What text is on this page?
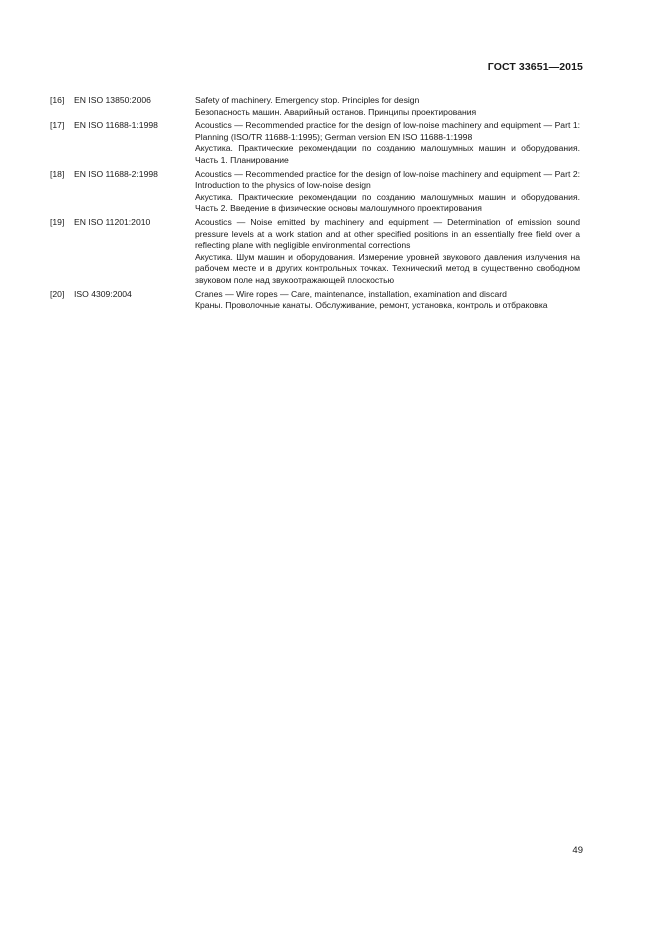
ГОСТ 33651—2015
[16]	EN ISO 13850:2006	Safety of machinery. Emergency stop. Principles for design
Безопасность машин. Аварийный останов. Принципы проектирования
[17]	EN ISO 11688-1:1998	Acoustics — Recommended practice for the design of low-noise machinery and equipment — Part 1: Planning (ISO/TR 11688-1:1995); German version EN ISO 11688-1:1998
Акустика. Практические рекомендации по созданию малошумных машин и оборудования. Часть 1. Планирование
[18]	EN ISO 11688-2:1998	Acoustics — Recommended practice for the design of low-noise machinery and equipment — Part 2: Introduction to the physics of low-noise design
Акустика. Практические рекомендации по созданию малошумных машин и оборудования. Часть 2. Введение в физические основы малошумного проектирования
[19]	EN ISO 11201:2010	Acoustics — Noise emitted by machinery and equipment — Determination of emission sound pressure levels at a work station and at other specified positions in an essentially free field over a reflecting plane with negligible environmental corrections
Акустика. Шум машин и оборудования. Измерение уровней звукового давления излучения на рабочем месте и в других контрольных точках. Технический метод в существенно свободном звуковом поле над звукоотражающей плоскостью
[20]	ISO 4309:2004	Cranes — Wire ropes — Care, maintenance, installation, examination and discard
Краны. Проволочные канаты. Обслуживание, ремонт, установка, контроль и отбраковка
49
